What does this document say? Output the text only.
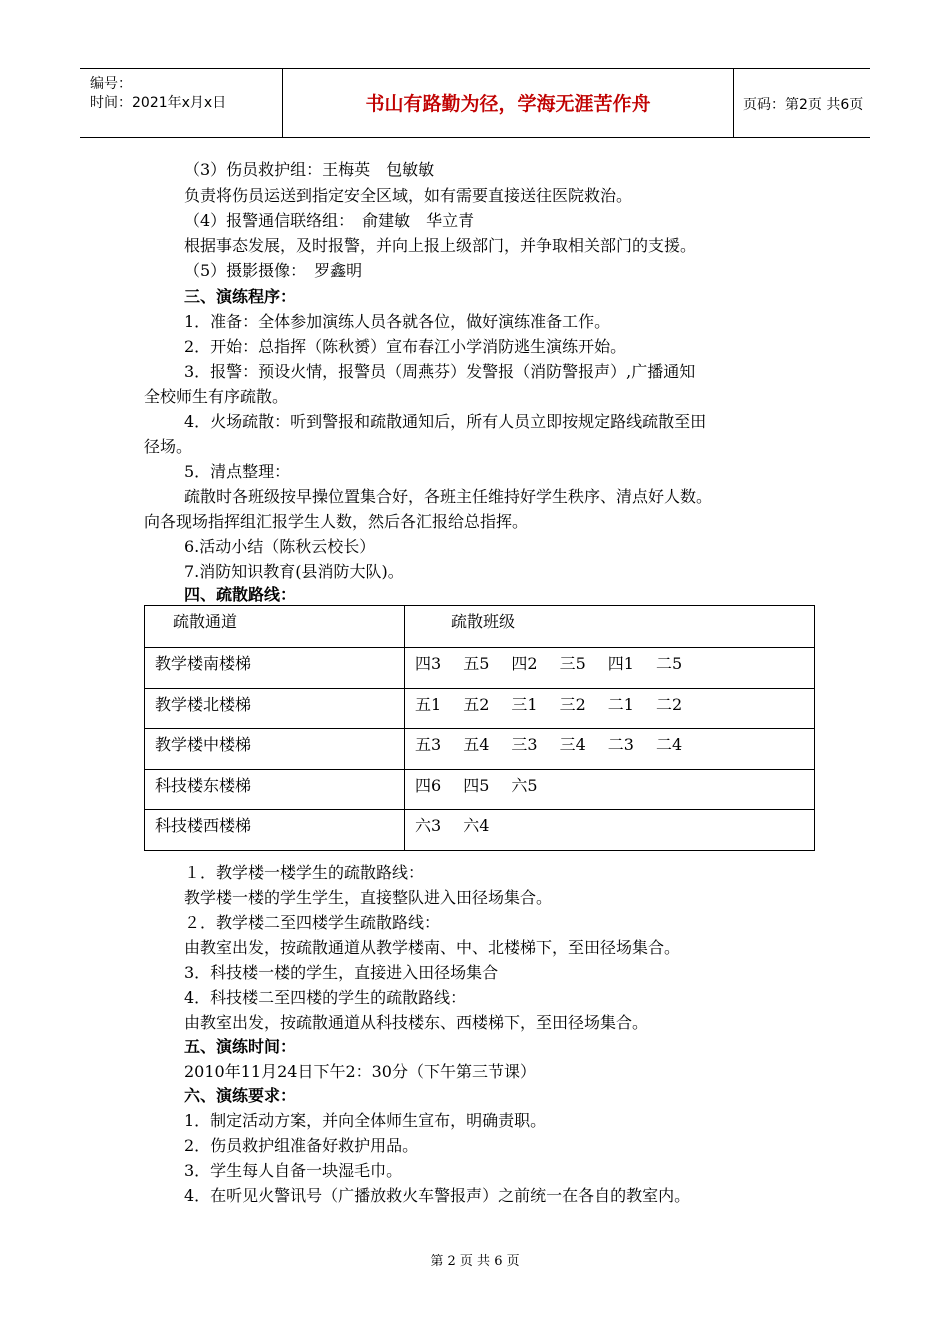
编号：
时间：2021年x月x日	书山有路勤为径，学海无涯苦作舟	页码：第2页 共6页
（3）伤员救护组：王梅英　包敏敏
负责将伤员运送到指定安全区域，如有需要直接送往医院救治。
（4）报警通信联络组：　俞建敏　华立青
根据事态发展，及时报警，并向上报上级部门，并争取相关部门的支援。
（5）摄影摄像：　罗鑫明
三、演练程序：
1．准备：全体参加演练人员各就各位，做好演练准备工作。
2．开始：总指挥（陈秋赟）宣布春江小学消防逃生演练开始。
3．报警：预设火情，报警员（周燕芬）发警报（消防警报声）,广播通知
全校师生有序疏散。
4．火场疏散：听到警报和疏散通知后，所有人员立即按规定路线疏散至田
径场。
5．清点整理：
疏散时各班级按早操位置集合好，各班主任维持好学生秩序、清点好人数。
向各现场指挥组汇报学生人数，然后各汇报给总指挥。
6.活动小结（陈秋云校长）
7.消防知识教育(县消防大队)。
四、疏散路线：
疏散通道	疏散班级
教学楼南楼梯	四3 五5 四2 三5 四1 二5
教学楼北楼梯	五1 五2 三1 三2 二1 二2
教学楼中楼梯	五3 五4 三3 三4 二3 二4
科技楼东楼梯	四6 四5 六5
科技楼西楼梯	六3 六4
１．教学楼一楼学生的疏散路线：
教学楼一楼的学生学生，直接整队进入田径场集合。
２．教学楼二至四楼学生疏散路线：
由教室出发，按疏散通道从教学楼南、中、北楼梯下，至田径场集合。
3．科技楼一楼的学生，直接进入田径场集合
4．科技楼二至四楼的学生的疏散路线：
由教室出发，按疏散通道从科技楼东、西楼梯下，至田径场集合。
五、演练时间：
2010年11月24日下午2：30分（下午第三节课）
六、演练要求：
1．制定活动方案，并向全体师生宣布，明确责职。
2．伤员救护组准备好救护用品。
3．学生每人自备一块湿毛巾。
4．在听见火警讯号（广播放救火车警报声）之前统一在各自的教室内。
第 2 页 共 6 页
